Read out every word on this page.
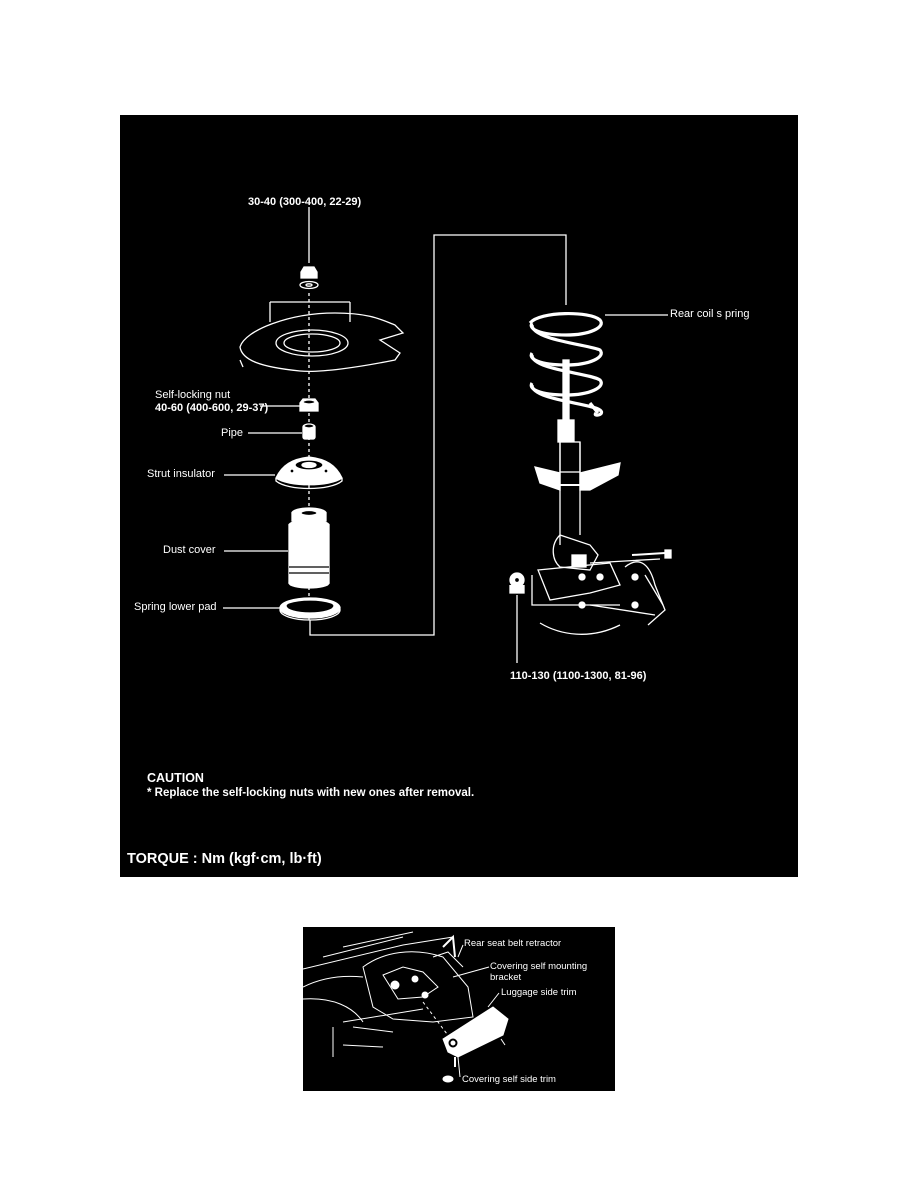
30-40 (300-400, 22-29)
Rear coil s pring
Self-locking nut
40-60 (400-600, 29-37)
Pipe
Strut insulator
Dust cover
Spring lower pad
110-130 (1100-1300, 81-96)
CAUTION
* Replace the self-locking nuts with new ones after removal.
TORQUE : Nm (kgf·cm, lb·ft)
Rear seat belt retractor
Covering self mounting
bracket
Luggage side trim
Covering self side trim
